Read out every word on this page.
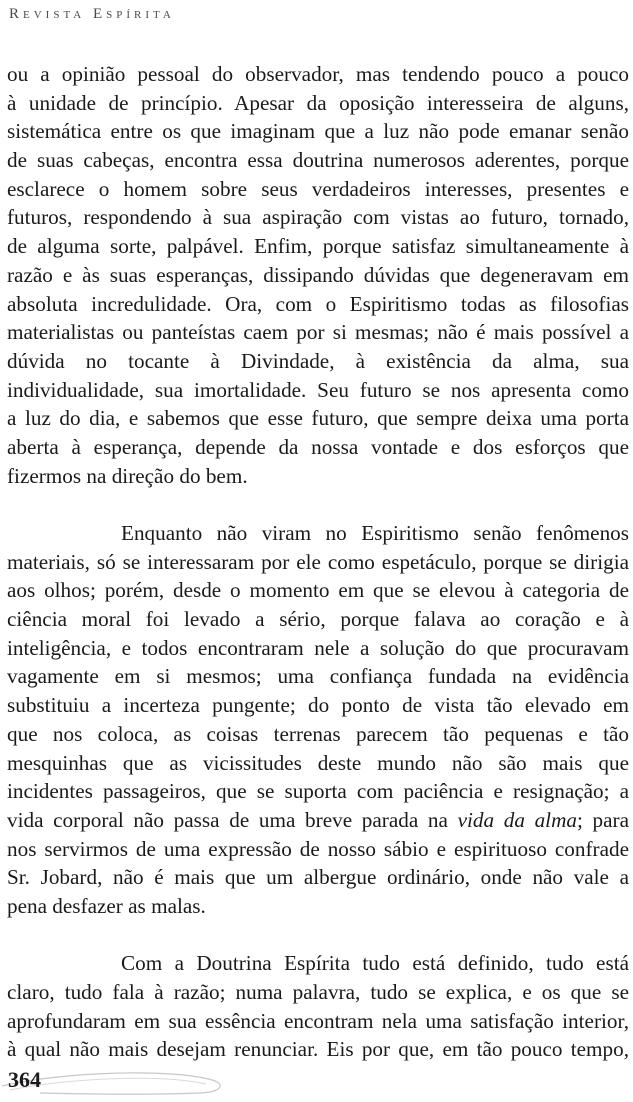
Revista Espírita
ou a opinião pessoal do observador, mas tendendo pouco a pouco
à unidade de princípio. Apesar da oposição interesseira de alguns,
sistemática entre os que imaginam que a luz não pode emanar senão
de suas cabeças, encontra essa doutrina numerosos aderentes, porque
esclarece o homem sobre seus verdadeiros interesses, presentes e
futuros, respondendo à sua aspiração com vistas ao futuro, tornado,
de alguma sorte, palpável. Enfim, porque satisfaz simultaneamente à
razão e às suas esperanças, dissipando dúvidas que degeneravam em
absoluta incredulidade. Ora, com o Espiritismo todas as filosofias
materialistas ou panteístas caem por si mesmas; não é mais possível a
dúvida no tocante à Divindade, à existência da alma, sua
individualidade, sua imortalidade. Seu futuro se nos apresenta como
a luz do dia, e sabemos que esse futuro, que sempre deixa uma porta
aberta à esperança, depende da nossa vontade e dos esforços que
fizermos na direção do bem.
Enquanto não viram no Espiritismo senão fenômenos
materiais, só se interessaram por ele como espetáculo, porque se dirigia
aos olhos; porém, desde o momento em que se elevou à categoria de
ciência moral foi levado a sério, porque falava ao coração e à
inteligência, e todos encontraram nele a solução do que procuravam
vagamente em si mesmos; uma confiança fundada na evidência
substituiu a incerteza pungente; do ponto de vista tão elevado em
que nos coloca, as coisas terrenas parecem tão pequenas e tão
mesquinhas que as vicissitudes deste mundo não são mais que
incidentes passageiros, que se suporta com paciência e resignação; a
vida corporal não passa de uma breve parada na vida da alma; para
nos servirmos de uma expressão de nosso sábio e espirituoso confrade
Sr. Jobard, não é mais que um albergue ordinário, onde não vale a
pena desfazer as malas.
Com a Doutrina Espírita tudo está definido, tudo está
claro, tudo fala à razão; numa palavra, tudo se explica, e os que se
aprofundaram em sua essência encontram nela uma satisfação interior,
à qual não mais desejam renunciar. Eis por que, em tão pouco tempo,
364
